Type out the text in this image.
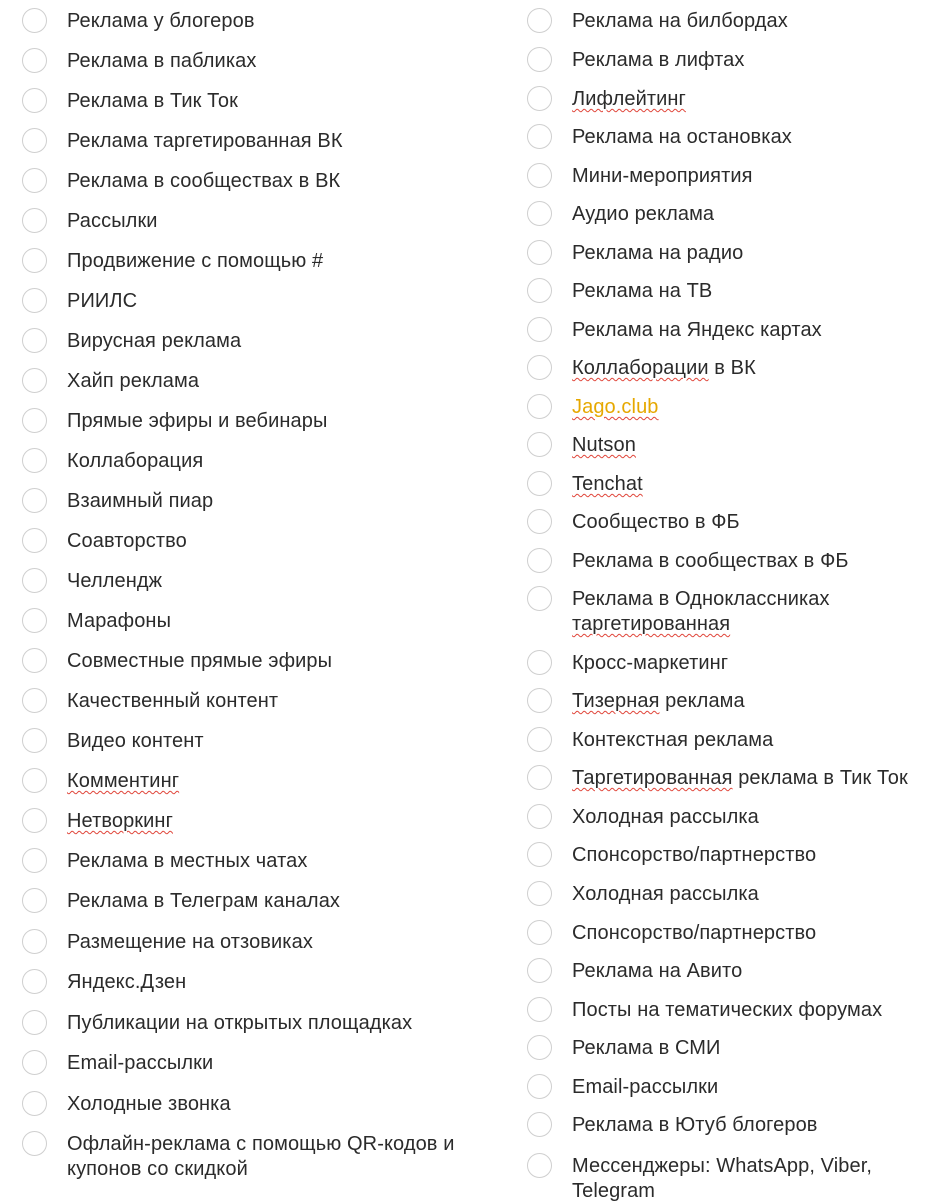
Реклама у блогеров
Реклама в пабликах
Реклама в Тик Ток
Реклама таргетированная ВК
Реклама в сообществах в ВК
Рассылки
Продвижение с помощью #
РИИЛС
Вирусная реклама
Хайп реклама
Прямые эфиры и вебинары
Коллаборация
Взаимный пиар
Соавторство
Челлендж
Марафоны
Совместные прямые эфиры
Качественный контент
Видео контент
Комментинг
Нетворкинг
Реклама в местных чатах
Реклама в Телеграм каналах
Размещение на отзовиках
Яндекс.Дзен
Публикации на открытых площадках
Email-рассылки
Холодные звонка
Офлайн-реклама с помощью QR-кодов и купонов со скидкой
Реклама на билбордах
Реклама в лифтах
Лифлейтинг
Реклама на остановках
Мини-мероприятия
Аудио реклама
Реклама на радио
Реклама на ТВ
Реклама на Яндекс картах
Коллаборации в ВК
Jago.club
Nutson
Tenchat
Сообщество в ФБ
Реклама в сообществах в ФБ
Реклама в Одноклассниках таргетированная
Кросс-маркетинг
Тизерная реклама
Контекстная реклама
Таргетированная реклама в Тик Ток
Холодная рассылка
Спонсорство/партнерство
Холодная рассылка
Спонсорство/партнерство
Реклама на Авито
Посты на тематических форумах
Реклама в СМИ
Email-рассылки
Реклама в Ютуб блогеров
Мессенджеры: WhatsApp, Viber, Telegram
